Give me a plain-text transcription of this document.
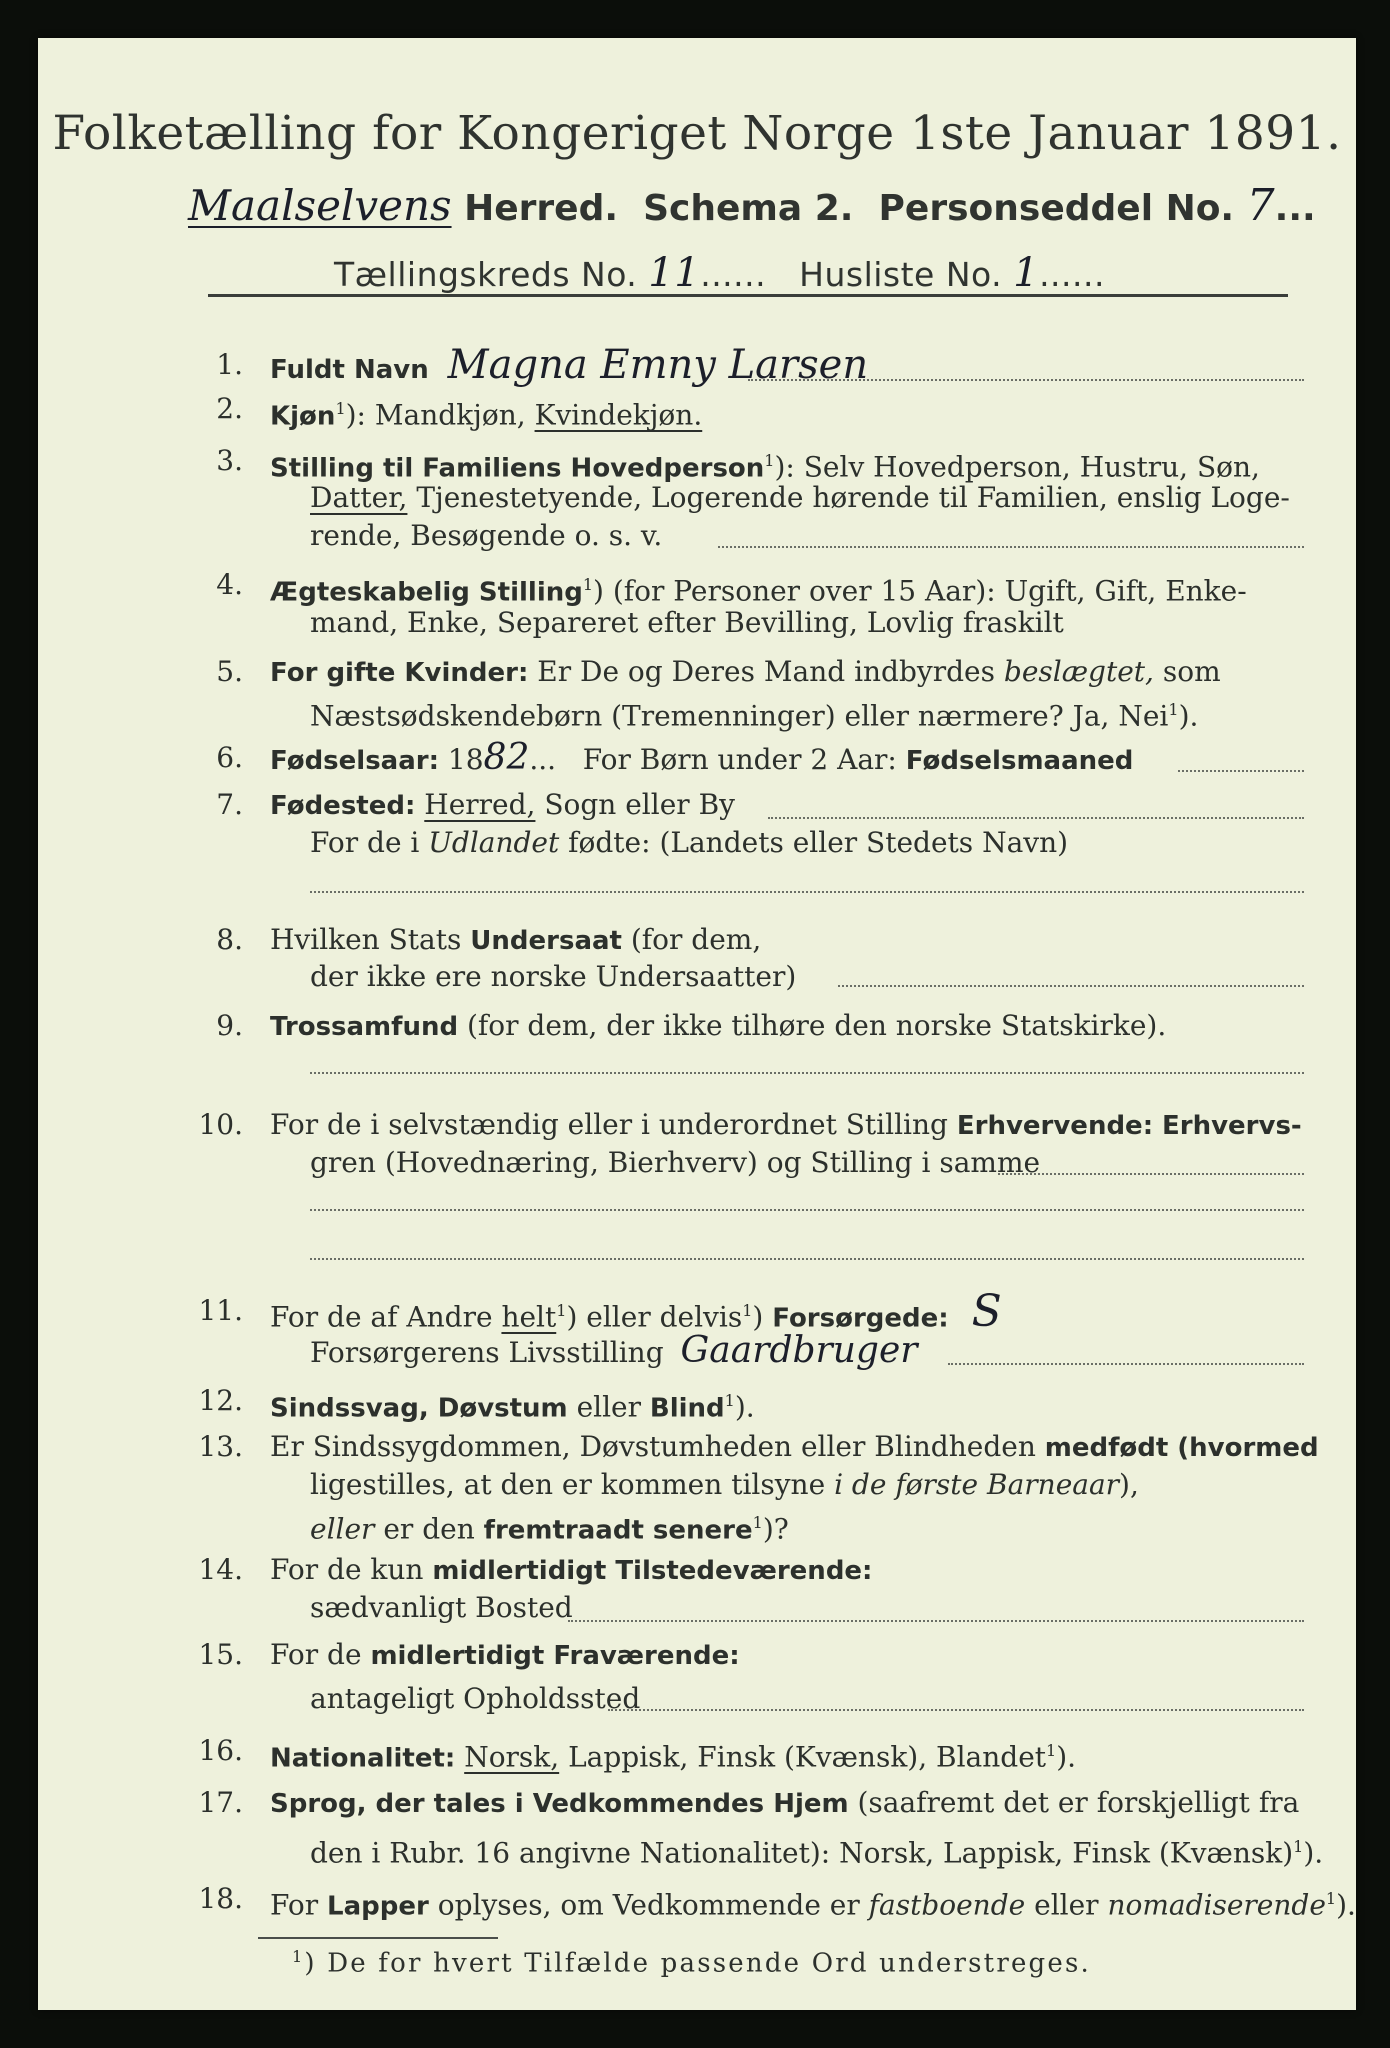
Folketælling for Kongeriget Norge 1ste Januar 1891.
Maalselvens Herred. Schema 2. Personseddel No. 7...
Tællingskreds No. 11...... Husliste No. 1......
1. Fuldt Navn Magna Emny Larsen
2. Kjøn$^1$): Mandkjøn, Kvindekjøn.
3. Stilling til Familiens Hovedperson$^1$): Selv Hovedperson, Hustru, Søn,
Datter, Tjenestetyende, Logerende hørende til Familien, enslig Loge-
rende, Besøgende o. s. v.
4. Ægteskabelig Stilling$^1$) (for Personer over 15 Aar): Ugift, Gift, Enke-
mand, Enke, Separeret efter Bevilling, Lovlig fraskilt
5. For gifte Kvinder: Er De og Deres Mand indbyrdes beslægtet, som
Næstsødskendebørn (Tremenninger) eller nærmere? Ja, Nei$^1$).
6. Fødselsaar: 1882...   For Børn under 2 Aar: Fødselsmaaned
7. Fødested: Herred, Sogn eller By
For de i Udlandet fødte: (Landets eller Stedets Navn)
8. Hvilken Stats Undersaat (for dem,
der ikke ere norske Undersaatter)
9. Trossamfund (for dem, der ikke tilhøre den norske Statskirke).
10. For de i selvstændig eller i underordnet Stilling Erhvervende: Erhvervs-
gren (Hovednæring, Bierhverv) og Stilling i samme
11. For de af Andre helt$^1$) eller delvis$^1$) Forsørgede: S
Forsørgerens Livsstilling Gaardbruger
12. Sindssvag, Døvstum eller Blind$^1$).
13. Er Sindssygdommen, Døvstumheden eller Blindheden medfødt (hvormed
ligestilles, at den er kommen tilsyne i de første Barneaar),
eller er den fremtraadt senere$^1$)?
14. For de kun midlertidigt Tilstedeværende:
sædvanligt Bosted
15. For de midlertidigt Fraværende:
antageligt Opholdssted
16. Nationalitet: Norsk, Lappisk, Finsk (Kvænsk), Blandet$^1$).
17. Sprog, der tales i Vedkommendes Hjem (saafremt det er forskjelligt fra
den i Rubr. 16 angivne Nationalitet): Norsk, Lappisk, Finsk (Kvænsk)$^1$).
18. For Lapper oplyses, om Vedkommende er fastboende eller nomadiserende$^1$).
$^1$) De for hvert Tilfælde passende Ord understreges.
